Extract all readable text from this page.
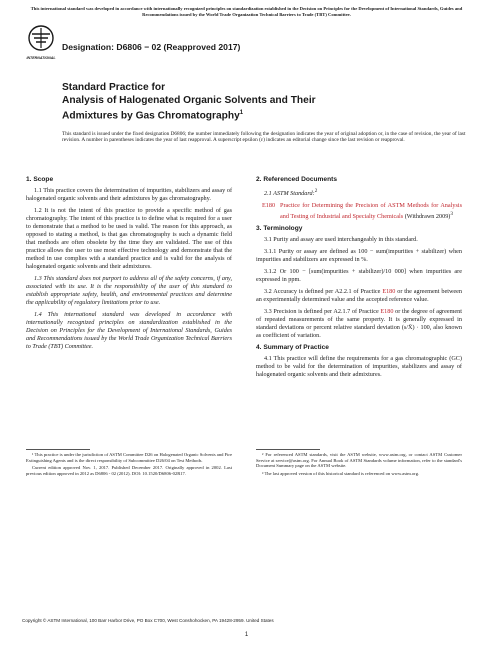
This international standard was developed in accordance with internationally recognized principles on standardization established in the Decision on Principles for the Development of International Standards, Guides and Recommendations issued by the World Trade Organization Technical Barriers to Trade (TBT) Committee.
INTERNATIONAL
Designation: D6806 − 02 (Reapproved 2017)
Standard Practice for
Analysis of Halogenated Organic Solvents and Their
Admixtures by Gas Chromatography$^1$
This standard is issued under the fixed designation D6806; the number immediately following the designation indicates the year of original adoption or, in the case of revision, the year of last revision. A number in parentheses indicates the year of last reapproval. A superscript epsilon (ε) indicates an editorial change since the last revision or reapproval.
1. Scope

1.1 This practice covers the determination of impurities, stabilizers and assay of halogenated organic solvents and their admixtures by gas chromatography.

1.2 It is not the intent of this practice to provide a specific method of gas chromatography. The intent of this practice is to define what is required for a user to demonstrate that a method to be used is valid. The reason for this approach, as opposed to stating a method, is that gas chromatography is such a dynamic field that methods are often obsolete by the time they are validated. The use of this practice allows the user to use most effective technology and demonstrate that the method in use complies with a standard practice and is valid for the analysis of halogenated organic solvents and their admixtures.

1.3 This standard does not purport to address all of the safety concerns, if any, associated with its use. It is the responsibility of the user of this standard to establish appropriate safety, health, and environmental practices and determine the applicability of regulatory limitations prior to use.

1.4 This international standard was developed in accordance with internationally recognized principles on standardization established in the Decision on Principles for the Development of International Standards, Guides and Recommendations issued by the World Trade Organization Technical Barriers to Trade (TBT) Committee.

2. Referenced Documents

2.1 ASTM Standard:$^2$

E180 Practice for Determining the Precision of ASTM Methods for Analysis and Testing of Industrial and Specialty Chemicals (Withdrawn 2009)$^3$

3. Terminology

3.1 Purity and assay are used interchangeably in this standard.

3.1.1 Purity or assay are defined as 100 − sum(impurities + stabilizer) when impurities and stabilizers are expressed in %.

3.1.2 Or 100 − [sum(impurities + stabilizer)/10 000] when impurities are expressed in ppm.

3.2 Accuracy is defined per A2.2.1 of Practice E180 or the agreement between an experimentally determined value and the accepted reference value.

3.3 Precision is defined per A2.1.7 of Practice E180 or the degree of agreement of repeated measurements of the same property. It is generally expressed in standard deviations or percent relative standard deviation (s/X̄) · 100, also known as coefficient of variation.

4. Summary of Practice

4.1 This practice will define the requirements for a gas chromatographic (GC) method to be valid for the determination of impurities, stabilizers and assay of halogenated organic solvents and their admixtures.

¹ This practice is under the jurisdiction of ASTM Committee D26 on Halogenated Organic Solvents and Fire Extinguishing Agents and is the direct responsibility of Subcommittee D26/04 on Test Methods.

Current edition approved Nov. 1, 2017. Published December 2017. Originally approved in 2002. Last previous edition approved in 2012 as D6806 - 02 (2012). DOI: 10.1520/D6806-02R17.

² For referenced ASTM standards, visit the ASTM website, www.astm.org, or contact ASTM Customer Service at service@astm.org. For Annual Book of ASTM Standards volume information, refer to the standard's Document Summary page on the ASTM website.

³ The last approved version of this historical standard is referenced on www.astm.org.

Copyright © ASTM International, 100 Barr Harbor Drive, PO Box C700, West Conshohocken, PA 19428-2959. United States
1
